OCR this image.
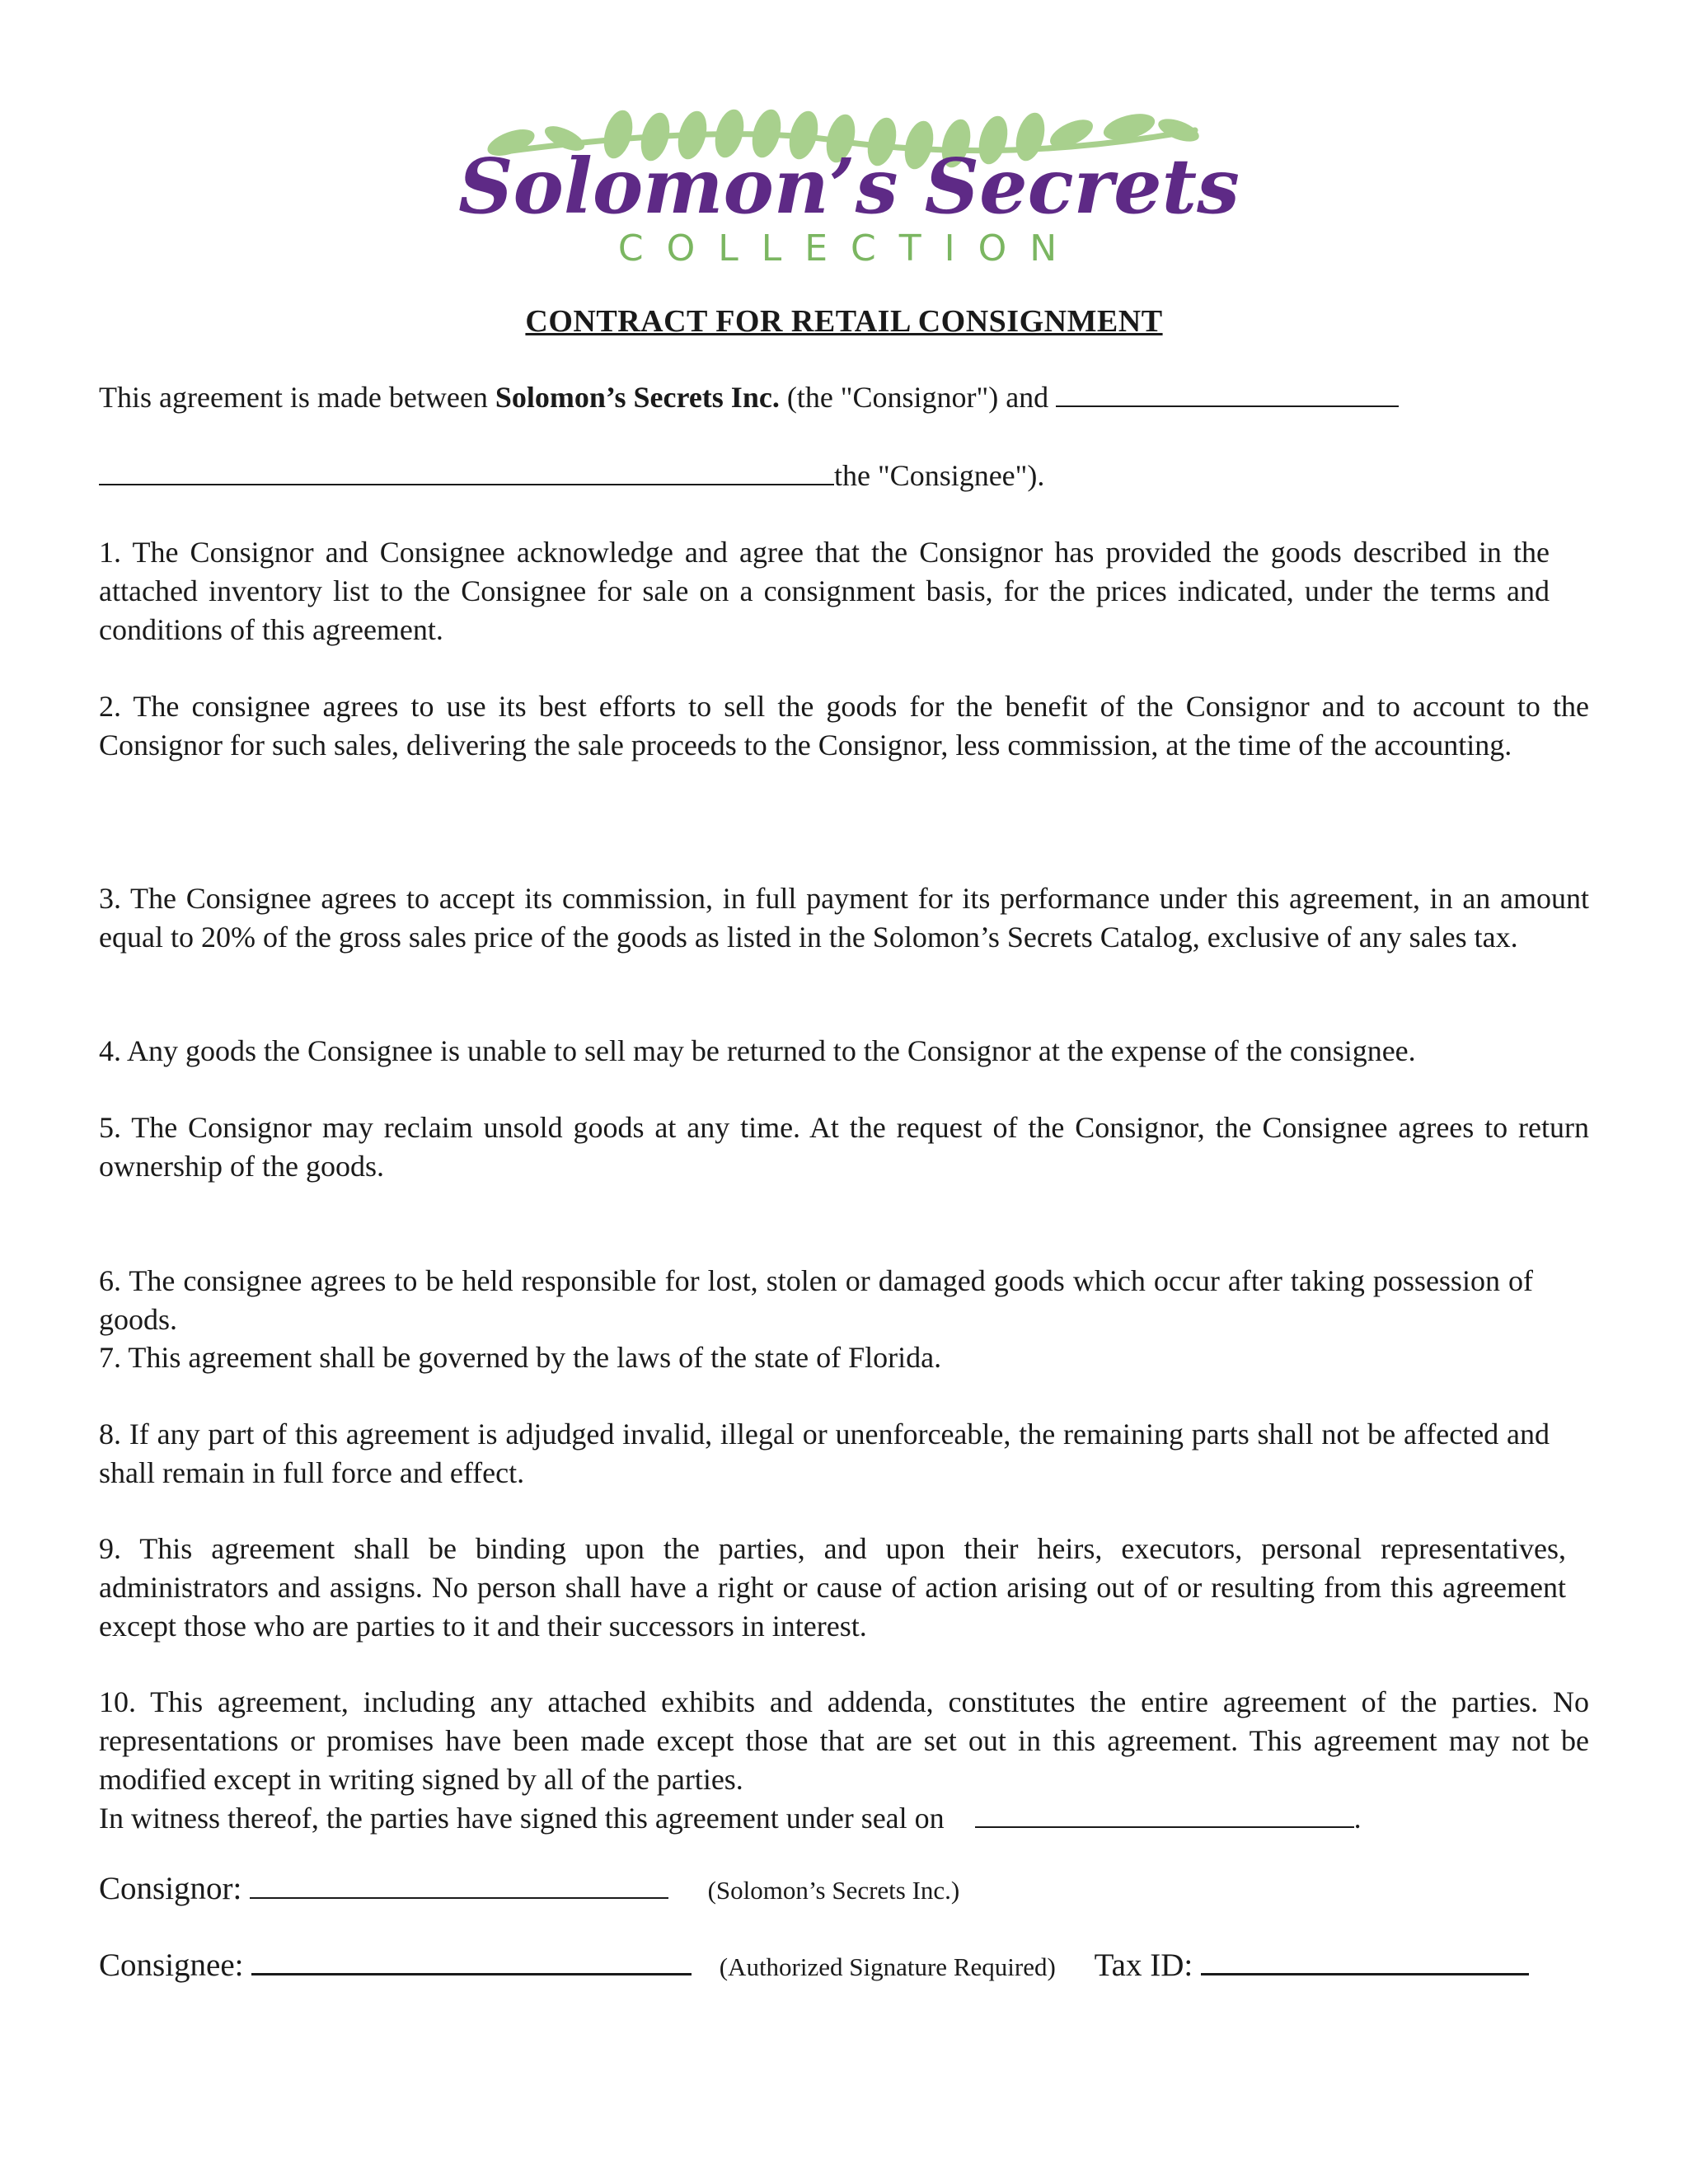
Solomon’s Secrets
COLLECTION
CONTRACT FOR RETAIL CONSIGNMENT

This agreement is made between Solomon’s Secrets Inc. (the "Consignor") and

the "Consignee").

1. The Consignor and Consignee acknowledge and agree that the Consignor has provided the goods described in the attached inventory list to the Consignee for sale on a consignment basis, for the prices indicated, under the terms and conditions of this agreement.

2. The consignee agrees to use its best efforts to sell the goods for the benefit of the Consignor and to account to the Consignor for such sales, delivering the sale proceeds to the Consignor, less commission, at the time of the accounting.

3. The Consignee agrees to accept its commission, in full payment for its performance under this agreement, in an amount equal to 20% of the gross sales price of the goods as listed in the Solomon’s Secrets Catalog, exclusive of any sales tax.

4. Any goods the Consignee is unable to sell may be returned to the Consignor at the expense of the consignee.

5. The Consignor may reclaim unsold goods at any time. At the request of the Consignor, the Consignee agrees to return ownership of the goods.

6. The consignee agrees to be held responsible for lost, stolen or damaged goods which occur after taking possession of goods.

7. This agreement shall be governed by the laws of the state of Florida.

8. If any part of this agreement is adjudged invalid, illegal or unenforceable, the remaining parts shall not be affected and shall remain in full force and effect.

9. This agreement shall be binding upon the parties, and upon their heirs, executors, personal representatives, administrators and assigns. No person shall have a right or cause of action arising out of or resulting from this agreement except those who are parties to it and their successors in interest.

10. This agreement, including any attached exhibits and addenda, constitutes the entire agreement of the parties. No representations or promises have been made except those that are set out in this agreement. This agreement may not be modified except in writing signed by all of the parties.

In witness thereof, the parties have signed this agreement under seal on	.

Consignor:	(Solomon’s Secrets Inc.)

Consignee:	(Authorized Signature Required) Tax ID:
